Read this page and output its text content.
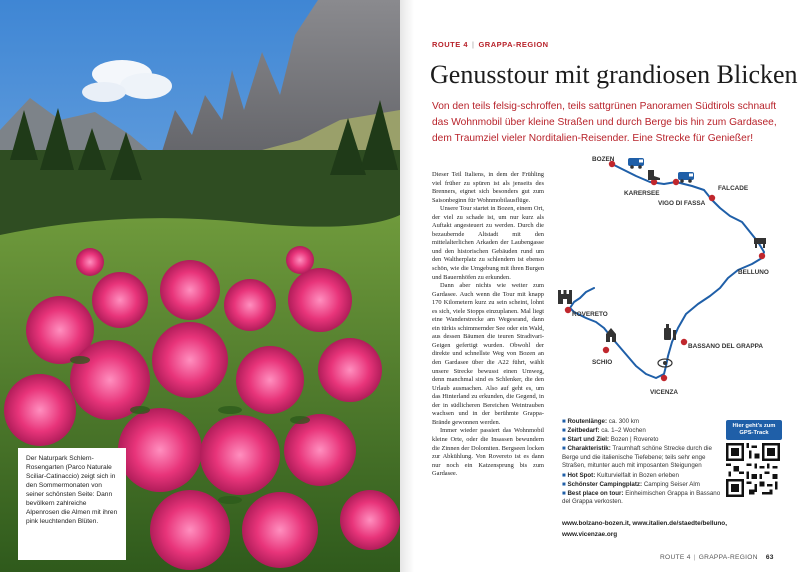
Der Naturpark Schlern-Rosengarten (Parco Naturale Sciliar-Catinaccio) zeigt sich in den Sommermonaten von seiner schönsten Seite: Dann bevölkern zahlreiche Alpenrosen die Almen mit ihren pink leuchtenden Blüten.
ROUTE 4 | GRAPPA-REGION
Genusstour mit grandiosen Blicken
Von den teils felsig-schroffen, teils sattgrünen Panoramen Südtirols schnauft das Wohnmobil über kleine Straßen und durch Berge bis hin zum Gardasee, dem Traumziel vieler Norditalien-Reisender. Eine Strecke für Genießer!

Dieser Teil Italiens, in dem der Frühling viel früher zu spüren ist als jenseits des Brenners, eignet sich besonders gut zum Saisonbeginn für Wohnmobilausflüge.

Unsere Tour startet in Bozen, einem Ort, der viel zu schade ist, um nur kurz als Auftakt angesteuert zu werden. Durch die bezaubernde Altstadt mit den mittelalterlichen Arkaden der Laubengasse und den historischen Gebäuden rund um den Waltherplatz zu schlendern ist ebenso schön, wie die Umgebung mit ihren Burgen und Bauernhöfen zu erkunden.

Dann aber nichts wie weiter zum Gardasee. Auch wenn die Tour mit knapp 170 Kilometern kurz zu sein scheint, lohnt es sich, viele Stopps einzuplanen. Mal liegt eine Wanderstrecke am Wegesrand, dann ein türkis schimmernder See oder ein Wald, aus dessen Bäumen die teuren Stradivari-Geigen gefertigt wurden. Obwohl der direkte und schnellste Weg von Bozen an den Gardasee über die A22 führt, wählt unsere Strecke bewusst einen Umweg, denn manchmal sind es Schlenker, die den Urlaub ausmachen. Also auf geht es, um das Hinterland zu erkunden, die Gegend, in der in südlicheren Bereichen Weintrauben wachsen und in der berühmte Grappa-Brände gewonnen werden.

Immer wieder passiert das Wohnmobil kleine Orte, oder die Insassen bewundern die Zinnen der Dolomiten. Bergseen locken zur Abkühlung. Von Rovereto ist es dann nur noch ein Katzensprung bis zum Gardasee.

BOZEN
KARERSEE
VIGO DI FASSA
FALCADE
BELLUNO
ROVERETO
BASSANO DEL GRAPPA
SCHIO
VICENZA
■ Routenlänge: ca. 300 km
■ Zeitbedarf: ca. 1–2 Wochen
■ Start und Ziel: Bozen | Rovereto
■ Charakteristik: Traumhaft schöne Strecke durch die Berge und die italienische Tiefebene; teils sehr enge Straßen, mitunter auch mit imposanten Steigungen
■ Hot Spot: Kulturvielfalt in Bozen erleben
■ Schönster Campingplatz: Camping Seiser Alm
■ Best place on tour: Einheimischen Grappa in Bassano del Grappa verkosten.
Hier geht's zum GPS-Track
www.bolzano-bozen.it, www.italien.de/staedte/belluno,
www.vicenzae.org
ROUTE 4 | GRAPPA-REGION 63
